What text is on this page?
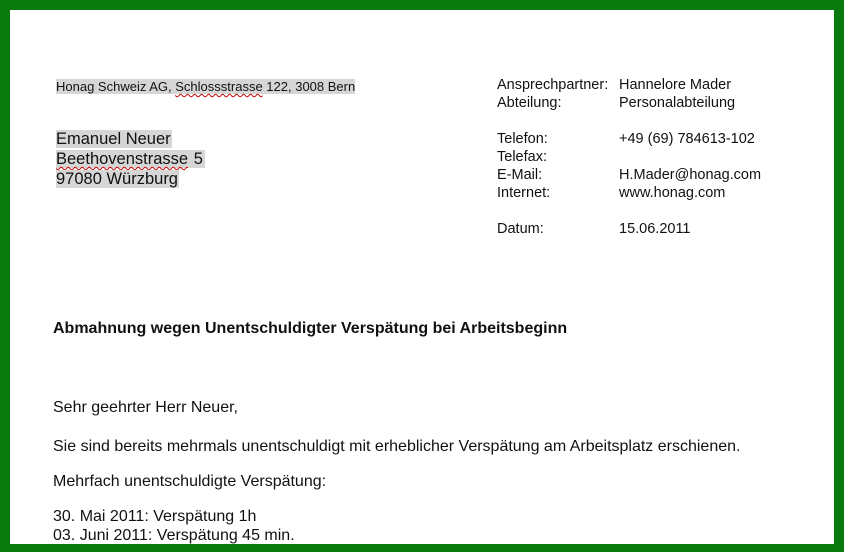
Honag Schweiz AG, Schlossstrasse 122, 3008 Bern
Emanuel Neuer
Beethovenstrasse 5
97080 Würzburg
Ansprechpartner: Hannelore Mader
Abteilung:	Personalabteilung
Telefon:	+49 (69) 784613-102
Telefax:
E-Mail:	H.Mader@honag.com
Internet:	www.honag.com
Datum:	15.06.2011
Abmahnung wegen Unentschuldigter Verspätung bei Arbeitsbeginn
Sehr geehrter Herr Neuer,
Sie sind bereits mehrmals unentschuldigt mit erheblicher Verspätung am Arbeitsplatz erschienen.
Mehrfach unentschuldigte Verspätung:
30. Mai 2011: Verspätung 1h
03. Juni 2011: Verspätung 45 min.
